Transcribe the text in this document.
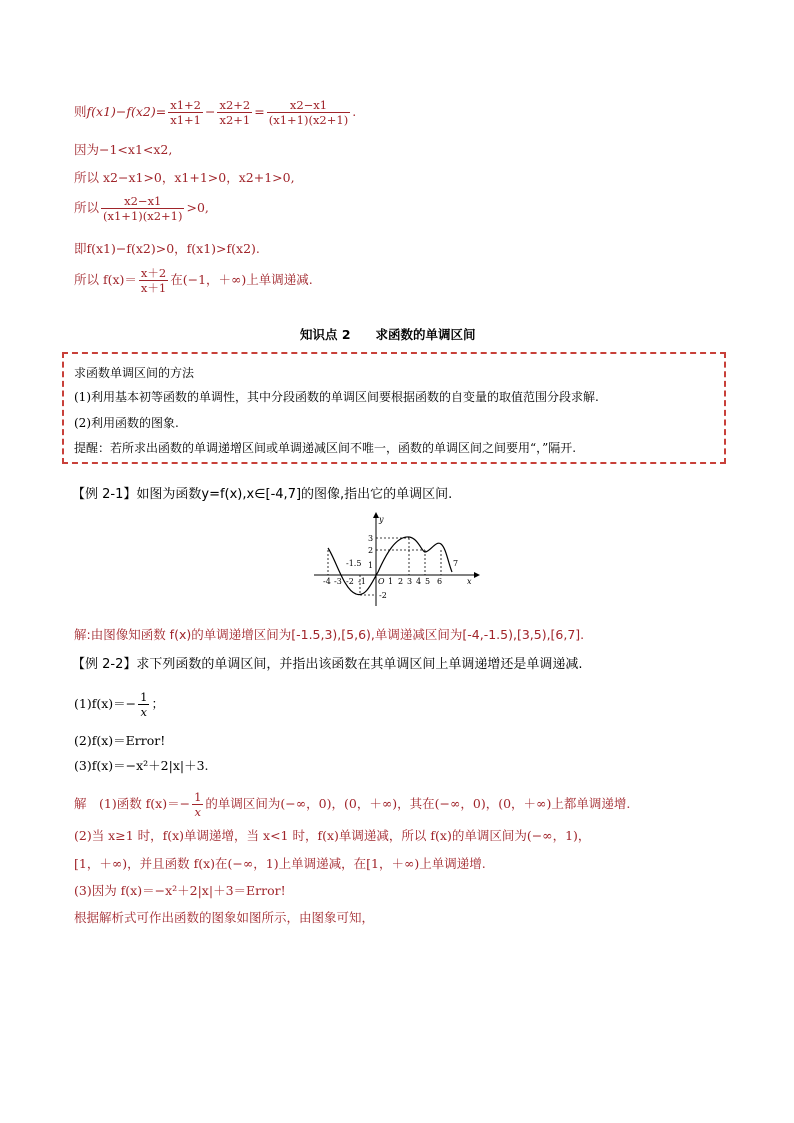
则$f(x1)-f(x2)= \frac{x1+2}{x1+1} - \frac{x2+2}{x2+1} = \frac{x2-x1}{(x1+1)(x2+1)}$ .
因为−1<x1<x2,
所以 x2−x1>0，x1+1>0，x2+1>0,
所以 $\frac{x2-x1}{(x1+1)(x2+1)} >0$,
即f(x1)−f(x2)>0，f(x1)>f(x2).
所以 $f(x)= \frac{x+2}{x+1}$ 在(−1，＋∞)上单调递减.
知识点 2　　求函数的单调区间
求函数单调区间的方法
(1)利用基本初等函数的单调性，其中分段函数的单调区间要根据函数的自变量的取值范围分段求解.
(2)利用函数的图象.
提醒：若所求出函数的单调递增区间或单调递减区间不唯一，函数的单调区间之间要用“，”隔开.
【例 2-1】如图为函数y=f(x),x∈[-4,7]的图像,指出它的单调区间.
-4 -3 -2 -1 O 1 2 3 4 5 6
7
x
y
3
2
1
-2
-1.5
解:由图像知函数 f(x)的单调递增区间为[-1.5,3),[5,6),单调递减区间为[-4,-1.5),[3,5),[6,7].
【例 2-2】求下列函数的单调区间，并指出该函数在其单调区间上单调递增还是单调递减.
$(1)f(x)=- \frac{1}{x}$ ；
(2)f(x)＝Error!
(3)f(x)＝−x²＋2|x|＋3.
解　(1)函数 $f(x)=- \frac{1}{x}$ 的单调区间为(−∞，0)，(0，＋∞)，其在(−∞，0)，(0，＋∞)上都单调递增.
(2)当 x≥1 时，f(x)单调递增，当 x<1 时，f(x)单调递减，所以 f(x)的单调区间为(−∞，1)，
[1，＋∞)，并且函数 f(x)在(−∞，1)上单调递减，在[1，＋∞)上单调递增.
(3)因为 f(x)＝−x²＋2|x|＋3＝Error!
根据解析式可作出函数的图象如图所示，由图象可知，
